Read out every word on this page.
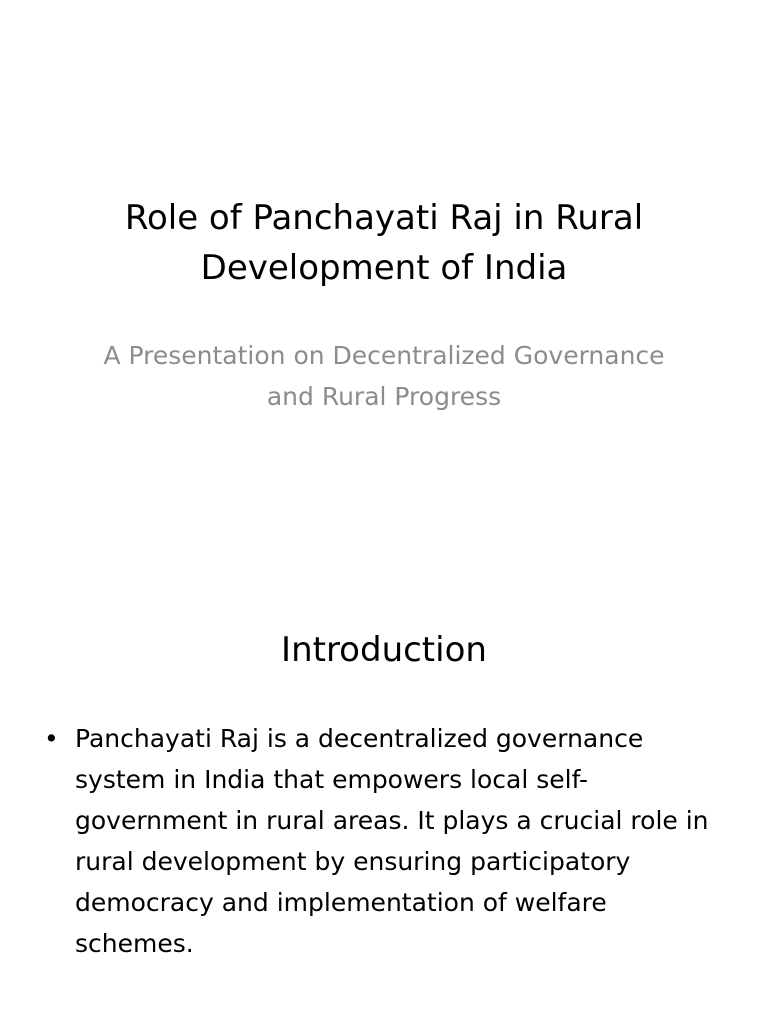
Role of Panchayati Raj in Rural Development of India
A Presentation on Decentralized Governance and Rural Progress
Introduction
• Panchayati Raj is a decentralized governance system in India that empowers local self-government in rural areas. It plays a crucial role in rural development by ensuring participatory democracy and implementation of welfare schemes.
